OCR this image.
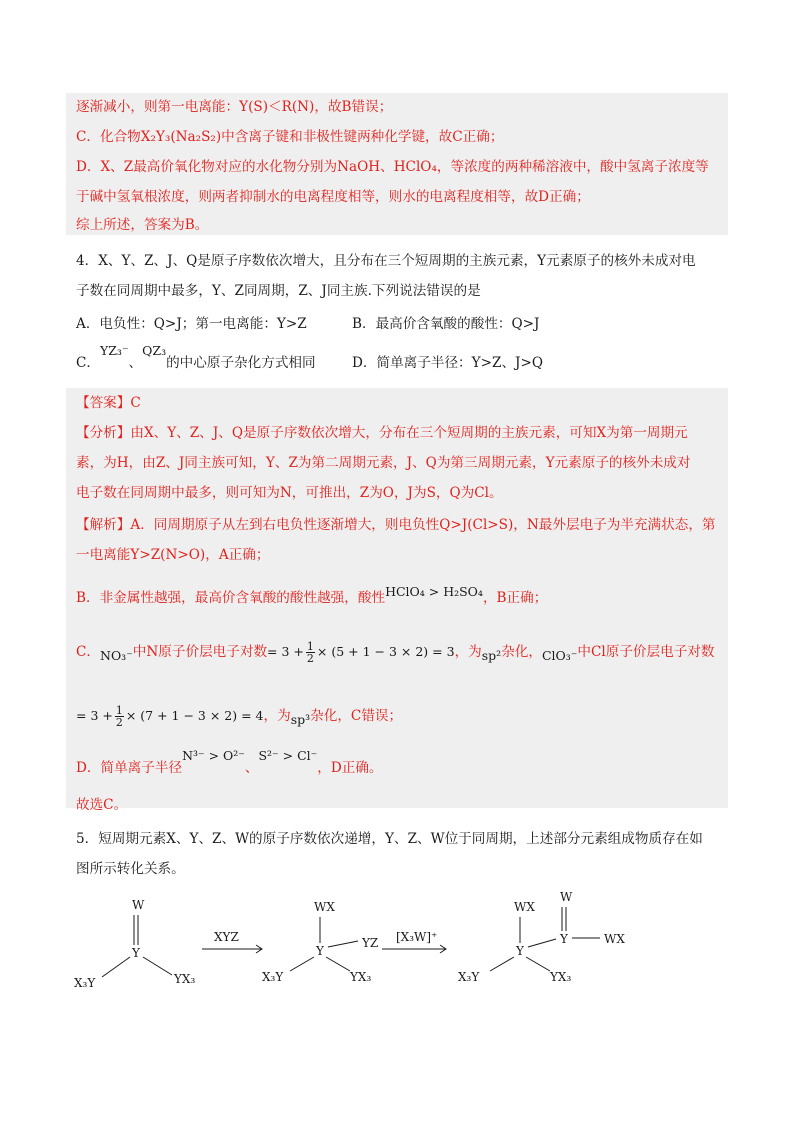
逐渐减小，则第一电离能：Y(S)＜R(N)，故B错误；
C．化合物X₂Y₃(Na₂S₂)中含离子键和非极性键两种化学键，故C正确；
D．X、Z最高价氧化物对应的水化物分别为NaOH、HClO₄，等浓度的两种稀溶液中，酸中氢离子浓度等
于碱中氢氧根浓度，则两者抑制水的电离程度相等，则水的电离程度相等，故D正确；
综上所述，答案为B。
4．X、Y、Z、J、Q是原子序数依次增大，且分布在三个短周期的主族元素，Y元素原子的核外未成对电
子数在同周期中最多，Y、Z同周期，Z、J同主族.下列说法错误的是
A．电负性：Q>J；第一电离能：Y>Z	B．最高价含氧酸的酸性：Q>J
C．YZ₃⁻、QZ₃的中心原子杂化方式相同	D．简单离子半径：Y>Z、J>Q
【答案】C
【分析】由X、Y、Z、J、Q是原子序数依次增大，分布在三个短周期的主族元素，可知X为第一周期元
素，为H，由Z、J同主族可知，Y、Z为第二周期元素，J、Q为第三周期元素，Y元素原子的核外未成对
电子数在同周期中最多，则可知为N，可推出，Z为O，J为S，Q为Cl。
【解析】A．同周期原子从左到右电负性逐渐增大，则电负性Q>J(Cl>S)，N最外层电子为半充满状态，第
一电离能Y>Z(N>O)，A正确；
B．非金属性越强，最高价含氧酸的酸性越强，酸性HClO₄ > H₂SO₄，B正确；
C．NO₃⁻中N原子价层电子对数= $3 + \frac{1}{2} \times (5 + 1 - 3 \times 2) = 3$，为sp²杂化，ClO₃⁻中Cl原子价层电子对数
= $3 + \frac{1}{2} \times (7 + 1 - 3 \times 2) = 4$，为sp³杂化，C错误；
D．简单离子半径N³⁻ > O²⁻、S²⁻ > Cl⁻，D正确。
故选C。
5．短周期元素X、Y、Z、W的原子序数依次递增，Y、Z、W位于同周期，上述部分元素组成物质存在如
图所示转化关系。
W
Y
X₃Y	YX₃
XYZ
WX
Y
YZ
X₃Y	YX₃
[X₃W]⁺
WX
W
Y
Y
WX
X₃Y	YX₃
